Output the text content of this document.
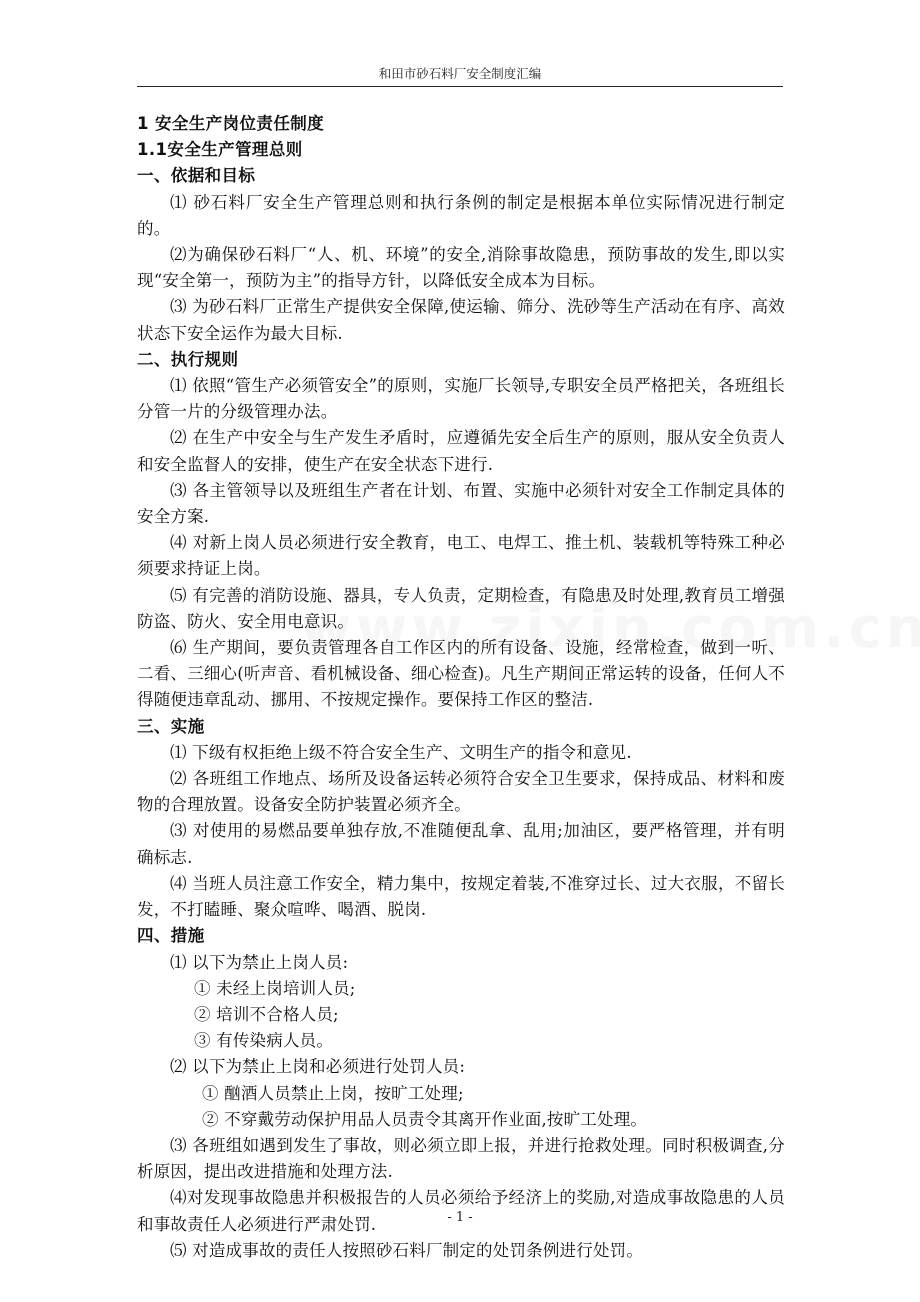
和田市砂石料厂安全制度汇编

1 安全生产岗位责任制度

1.1安全生产管理总则

一、依据和目标

⑴ 砂石料厂安全生产管理总则和执行条例的制定是根据本单位实际情况进行制定的。

⑵为确保砂石料厂“人、机、环境”的安全,消除事故隐患，预防事故的发生,即以实现“安全第一，预防为主”的指导方针，以降低安全成本为目标。

⑶ 为砂石料厂正常生产提供安全保障,使运输、筛分、洗砂等生产活动在有序、高效状态下安全运作为最大目标.

二、执行规则

⑴ 依照“管生产必须管安全”的原则，实施厂长领导,专职安全员严格把关，各班组长分管一片的分级管理办法。

⑵ 在生产中安全与生产发生矛盾时，应遵循先安全后生产的原则，服从安全负责人和安全监督人的安排，使生产在安全状态下进行.

⑶ 各主管领导以及班组生产者在计划、布置、实施中必须针对安全工作制定具体的安全方案.

⑷ 对新上岗人员必须进行安全教育，电工、电焊工、推土机、装载机等特殊工种必须要求持证上岗。

⑸ 有完善的消防设施、器具，专人负责，定期检查，有隐患及时处理,教育员工增强防盗、防火、安全用电意识。

⑹ 生产期间，要负责管理各自工作区内的所有设备、设施，经常检查，做到一听、二看、三细心(听声音、看机械设备、细心检查)。凡生产期间正常运转的设备，任何人不得随便违章乱动、挪用、不按规定操作。要保持工作区的整洁.

三、实施

⑴ 下级有权拒绝上级不符合安全生产、文明生产的指令和意见.

⑵ 各班组工作地点、场所及设备运转必须符合安全卫生要求，保持成品、材料和废物的合理放置。设备安全防护装置必须齐全。

⑶ 对使用的易燃品要单独存放,不准随便乱拿、乱用;加油区，要严格管理，并有明确标志.

⑷ 当班人员注意工作安全，精力集中，按规定着装,不准穿过长、过大衣服，不留长发，不打瞌睡、聚众喧哗、喝酒、脱岗.

四、措施

⑴ 以下为禁止上岗人员:

① 未经上岗培训人员;

② 培训不合格人员;

③ 有传染病人员。

⑵ 以下为禁止上岗和必须进行处罚人员:

① 酗酒人员禁止上岗，按旷工处理;

② 不穿戴劳动保护用品人员责令其离开作业面,按旷工处理。

⑶ 各班组如遇到发生了事故，则必须立即上报，并进行抢救处理。同时积极调查,分析原因，提出改进措施和处理方法.

⑷对发现事故隐患并积极报告的人员必须给予经济上的奖励,对造成事故隐患的人员和事故责任人必须进行严肃处罚.

⑸ 对造成事故的责任人按照砂石料厂制定的处罚条例进行处罚。

- 1 -
